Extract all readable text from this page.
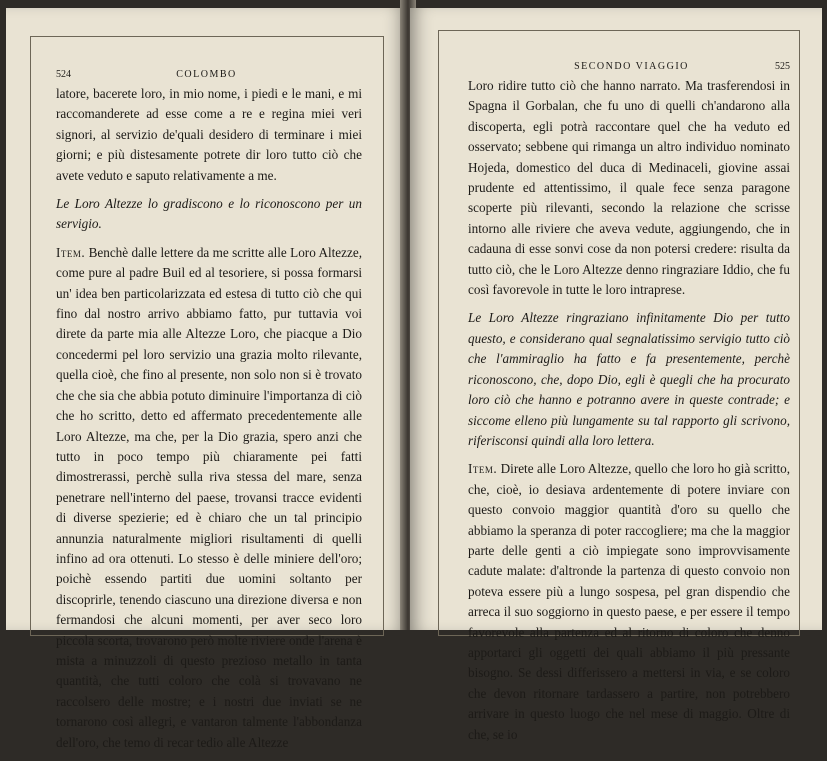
524	COLOMBO

latore, bacerete loro, in mio nome, i piedi e le mani, e mi raccomanderete ad esse come a re e regina miei veri signori, al servizio de'quali desidero di terminare i miei giorni; e più distesamente potrete dir loro tutto ciò che avete veduto e saputo relativamente a me.

Le Loro Altezze lo gradiscono e lo riconoscono per un servigio.

Item. Benchè dalle lettere da me scritte alle Loro Altezze, come pure al padre Buil ed al tesoriere, si possa formarsi un' idea ben particolarizzata ed estesa di tutto ciò che qui fino dal nostro arrivo abbiamo fatto, pur tuttavia voi direte da parte mia alle Altezze Loro, che piacque a Dio concedermi pel loro servizio una grazia molto rilevante, quella cioè, che fino al presente, non solo non si è trovato che che sia che abbia potuto diminuire l'importanza di ciò che ho scritto, detto ed affermato precedentemente alle Loro Altezze, ma che, per la Dio grazia, spero anzi che tutto in poco tempo più chiaramente pei fatti dimostrerassi, perchè sulla riva stessa del mare, senza penetrare nell'interno del paese, trovansi tracce evidenti di diverse spezierie; ed è chiaro che un tal principio annunzia naturalmente migliori risultamenti di quelli infino ad ora ottenuti. Lo stesso è delle miniere dell'oro; poichè essendo partiti due uomini soltanto per discoprirle, tenendo ciascuno una direzione diversa e non fermandosi che alcuni momenti, per aver seco loro piccola scorta, trovarono però molte riviere onde l'arena è mista a minuzzoli di questo prezioso metallo in tanta quantità, che tutti coloro che colà si trovavano ne raccolsero delle mostre; e i nostri due inviati se ne tornarono così allegri, e vantaron talmente l'abbondanza dell'oro, che temo di recar tedio alle Altezze

SECONDO VIAGGIO	525

Loro ridire tutto ciò che hanno narrato. Ma trasferendosi in Spagna il Gorbalan, che fu uno di quelli ch'andarono alla discoperta, egli potrà raccontare quel che ha veduto ed osservato; sebbene qui rimanga un altro individuo nominato Hojeda, domestico del duca di Medinaceli, giovine assai prudente ed attentissimo, il quale fece senza paragone scoperte più rilevanti, secondo la relazione che scrisse intorno alle riviere che aveva vedute, aggiungendo, che in cadauna di esse sonvi cose da non potersi credere: risulta da tutto ciò, che le Loro Altezze denno ringraziare Iddio, che fu così favorevole in tutte le loro intraprese.

Le Loro Altezze ringraziano infinitamente Dio per tutto questo, e considerano qual segnalatissimo servigio tutto ciò che l'ammiraglio ha fatto e fa presentemente, perchè riconoscono, che, dopo Dio, egli è quegli che ha procurato loro ciò che hanno e potranno avere in queste contrade; e siccome elleno più lungamente su tal rapporto gli scrivono, riferisconsi quindi alla loro lettera.

Item. Direte alle Loro Altezze, quello che loro ho già scritto, che, cioè, io desiava ardentemente di potere inviare con questo convoio maggior quantità d'oro su quello che abbiamo la speranza di poter raccogliere; ma che la maggior parte delle genti a ciò impiegate sono improvvisamente cadute malate: d'altronde la partenza di questo convoio non poteva essere più a lungo sospesa, pel gran dispendio che arreca il suo soggiorno in questo paese, e per essere il tempo favorevole alla partenza ed al ritorno di coloro che denno apportarci gli oggetti dei quali abbiamo il più pressante bisogno. Se dessi differissero a mettersi in via, e se coloro che devon ritornare tardassero a partire, non potrebbero arrivare in questo luogo che nel mese di maggio. Oltre di che, se io
